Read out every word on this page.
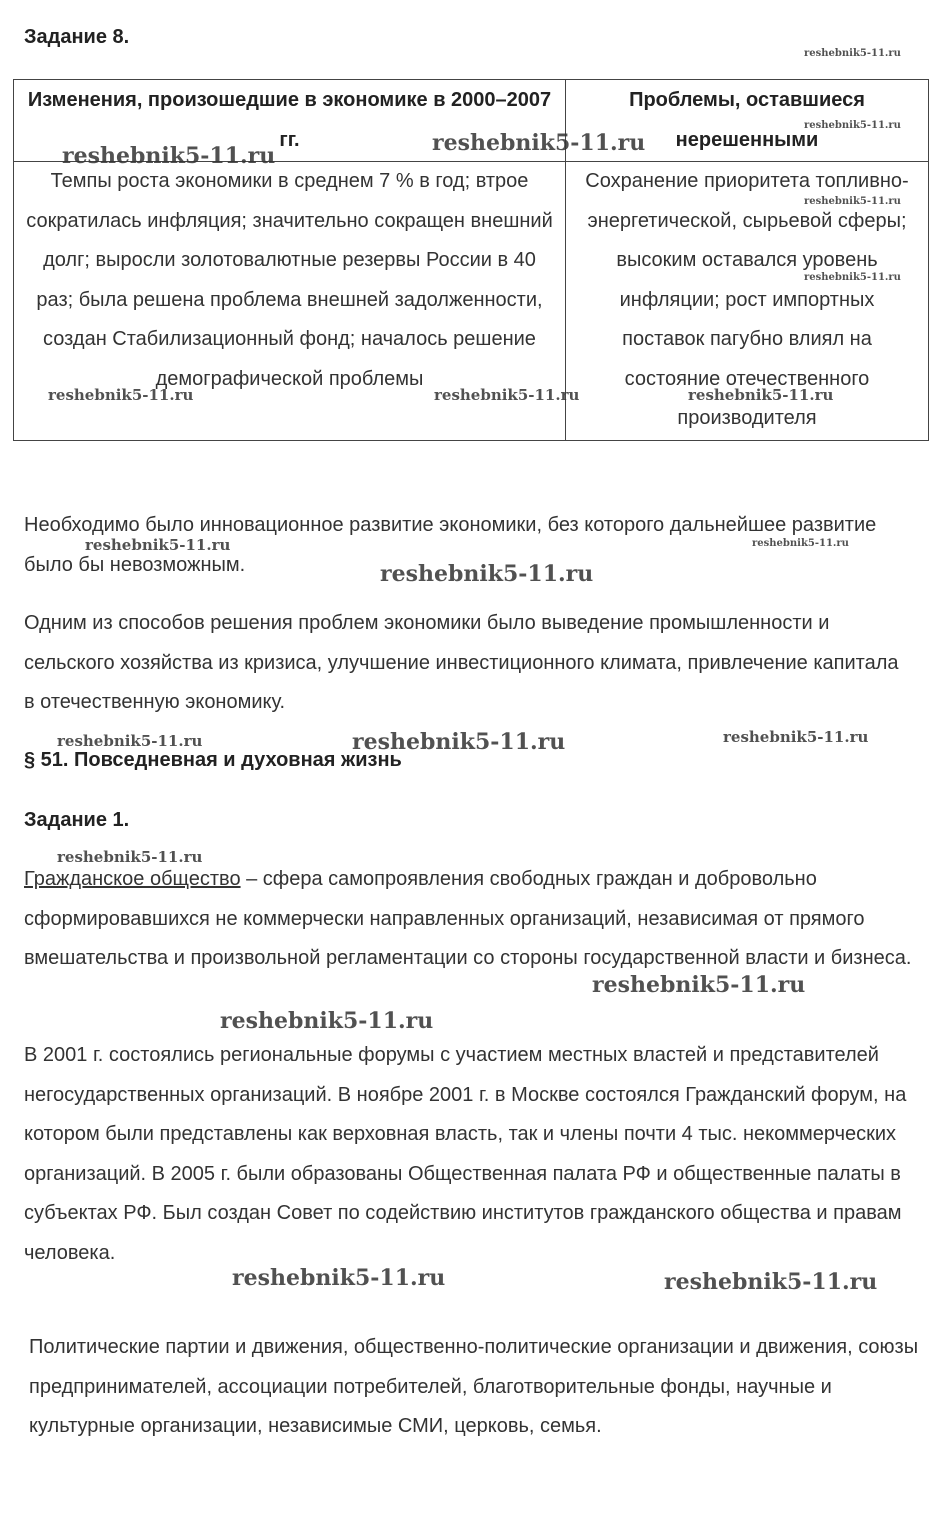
Задание 8.
Изменения, произошедшие в экономике в 2000–2007 гг.	Проблемы, оставшиеся нерешенными
Темпы роста экономики в среднем 7 % в год; втрое сократилась инфляция; значительно сокращен внешний долг; выросли золотовалютные резервы России в 40 раз; была решена проблема внешней задолженности, создан Стабилизационный фонд; началось решение демографической проблемы	Сохранение приоритета топливно-энергетической, сырьевой сферы; высоким оставался уровень инфляции; рост импортных поставок пагубно влиял на состояние отечественного производителя

Необходимо было инновационное развитие экономики, без которого дальнейшее развитие было бы невозможным.

Одним из способов решения проблем экономики было выведение промышленности и сельского хозяйства из кризиса, улучшение инвестиционного климата, привлечение капитала в отечественную экономику.

§ 51. Повседневная и духовная жизнь
Задание 1.

Гражданское общество – сфера самопроявления свободных граждан и добровольно сформировавшихся не коммерчески направленных организаций, независимая от прямого вмешательства и произвольной регламентации со стороны государственной власти и бизнеса.

В 2001 г. состоялись региональные форумы с участием местных властей и представителей негосударственных организаций. В ноябре 2001 г. в Москве состоялся Гражданский форум, на котором были представлены как верховная власть, так и члены почти 4 тыс. некоммерческих организаций. В 2005 г. были образованы Общественная палата РФ и общественные палаты в субъектах РФ. Был создан Совет по содействию институтов гражданского общества и правам человека.

Политические партии и движения, общественно-политические организации и движения, союзы предпринимателей, ассоциации потребителей, благотворительные фонды, научные и культурные организации, независимые СМИ, церковь, семья.

reshebnik5-11.ru
reshebnik5-11.ru
reshebnik5-11.ru
reshebnik5-11.ru
reshebnik5-11.ru	reshebnik5-11.ru
reshebnik5-11.ru	reshebnik5-11.ru	reshebnik5-11.ru
reshebnik5-11.ru	reshebnik5-11.ru
reshebnik5-11.ru
reshebnik5-11.ru	reshebnik5-11.ru	reshebnik5-11.ru
reshebnik5-11.ru
reshebnik5-11.ru
reshebnik5-11.ru
reshebnik5-11.ru	reshebnik5-11.ru
